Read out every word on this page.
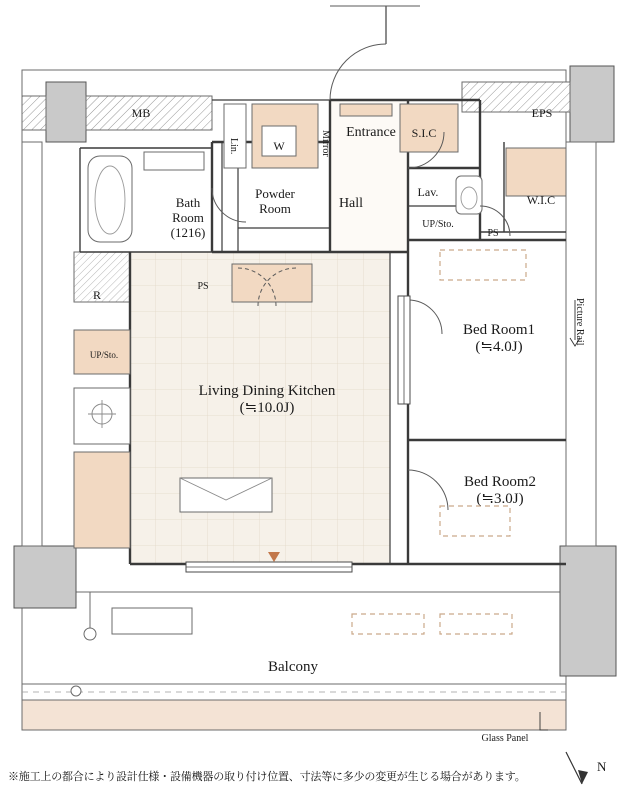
MB	EPS
Entrance S.I.C
W.I.C
Bath
Room
(1216)
Powder
Room	Hall
Lav.
UP/Sto.
PS
W
Lin.	Mirror
Picture Rail
Bed Room1
(≒4.0J)
Bed Room2
(≒3.0J)
Living Dining Kitchen
(≒10.0J)
Balcony
PS
R
UP/Sto.
Glass Panel
※施工上の都合により設計仕様・設備機器の取り付け位置、寸法等に多少の変更が生じる場合があります。
N
